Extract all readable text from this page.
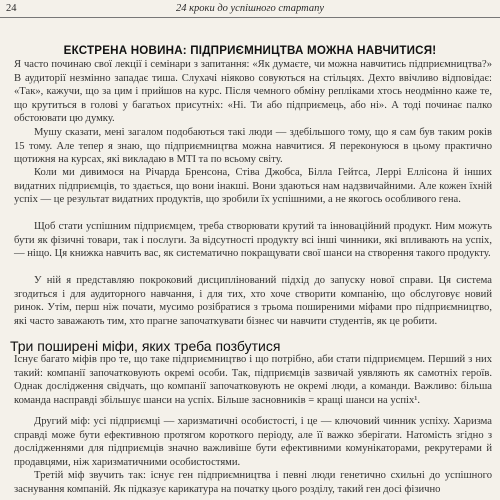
24	24 кроки до успішного стартапу
ЕКСТРЕНА НОВИНА: ПІДПРИЄМНИЦТВА МОЖНА НАВЧИТИСЯ!

Я часто починаю свої лекції і семінари з запитання: «Як думаєте, чи можна навчитись підприємництва?» В аудиторії незмінно западає тиша. Слухачі ніяково совуються на стільцях. Дехто ввічливо відповідає: «Так», кажучи, що за цим і прийшов на курс. Після чемного обміну репліками хтось неодмінно каже те, що крутиться в голові у багатьох присутніх: «Ні. Ти або підприємець, або ні». А тоді починає палко обстоювати цю думку.

Мушу сказати, мені загалом подобаються такі люди — здебільшого тому, що я сам був таким років 15 тому. Але тепер я знаю, що підприємництва можна навчитися. Я переконуюся в цьому практично щотижня на курсах, які викладаю в МТІ та по всьому світу.

Коли ми дивимося на Річарда Бренсона, Стіва Джобса, Білла Гейтса, Леррі Еллісона й інших видатних підприємців, то здається, що вони інакші. Вони здаються нам надзвичайними. Але кожен їхній успіх — це результат видатних продуктів, що зробили їх успішними, а не якогось особливого гена.

Щоб стати успішним підприємцем, треба створювати крутий та інноваційний продукт. Ним можуть бути як фізичні товари, так і послуги. За відсутності продукту всі інші чинники, які впливають на успіх, — ніщо. Ця книжка навчить вас, як систематично покращувати свої шанси на створення такого продукту.

У ній я представляю покроковий дисциплінований підхід до запуску нової справи. Ця система згодиться і для аудиторного навчання, і для тих, хто хоче створити компанію, що обслуговує новий ринок. Утім, перш ніж почати, мусимо розібратися з трьома поширеними міфами про підприємництво, які часто заважають тим, хто прагне започаткувати бізнес чи навчити студентів, як це робити.

Три поширені міфи, яких треба позбутися

Існує багато міфів про те, що таке підприємництво і що потрібно, аби стати підприємцем. Перший з них такий: компанії започатковують окремі особи. Так, підприємців зазвичай уявляють як самотніх героїв. Однак дослідження свідчать, що компанії започатковують не окремі люди, а команди. Важливо: більша команда насправді збільшує шанси на успіх. Більше засновників = кращі шанси на успіх¹.

Другий міф: усі підприємці — харизматичні особистості, і це — ключовий чинник успіху. Харизма справді може бути ефективною протягом короткого періоду, але її важко зберігати. Натомість згідно з дослідженнями для підприємців значно важливіше бути ефективними комунікаторами, рекрутерами й продавцями, ніж харизматичними особистостями.

Третій міф звучить так: існує ген підприємництва і певні люди генетично схильні до успішного заснування компаній. Як підказує карикатура на початку цього розділу, такий ген досі фізично
